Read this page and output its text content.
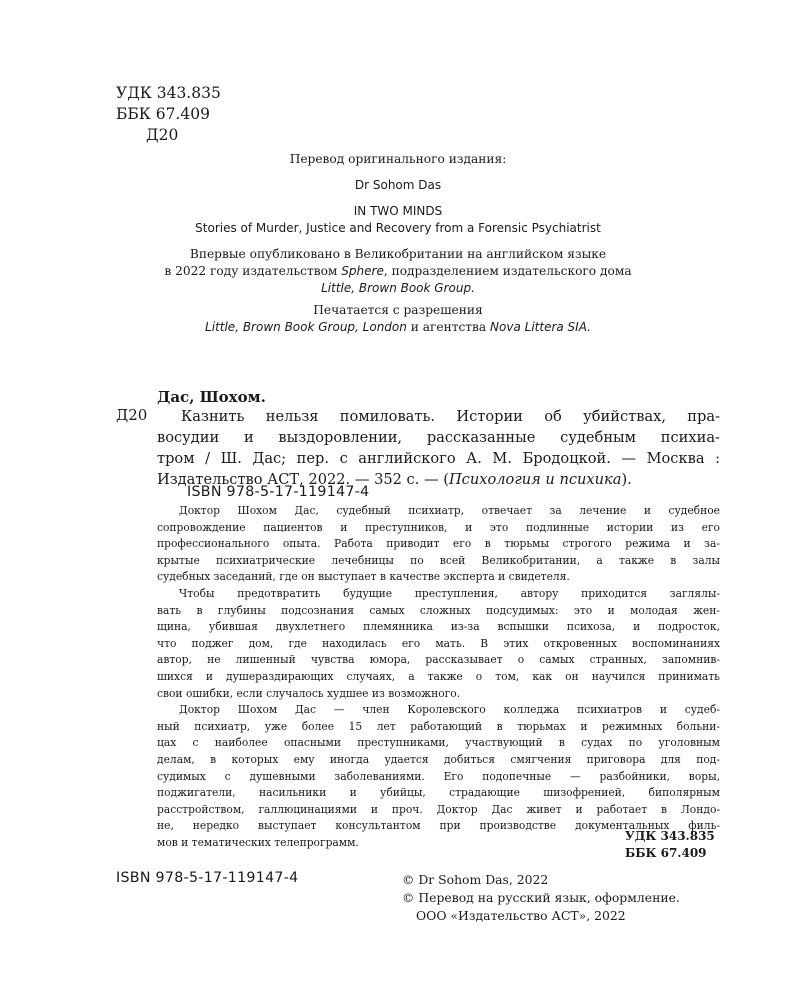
УДК 343.835
ББК 67.409
Д20
Перевод оригинального издания:
Dr Sohom Das
IN TWO MINDS
Stories of Murder, Justice and Recovery from a Forensic Psychiatrist
Впервые опубликовано в Великобритании на английском языке
в 2022 году издательством Sphere, подразделением издательского дома
Little, Brown Book Group.
Печатается с разрешения
Little, Brown Book Group, London и агентства Nova Littera SIA.
Дас, Шохом.
Д20	Казнить нельзя помиловать. Истории об убийствах, пра-
восудии и выздоровлении, рассказанные судебным психиа-
тром / Ш. Дас; пер. с английского А. М. Бродоцкой. — Москва :
Издательство АСТ, 2022. — 352 с. — (Психология и психика).
ISBN 978-5-17-119147-4
Доктор Шохом Дас, судебный психиатр, отвечает за лечение и судебное
сопровождение пациентов и преступников, и это подлинные истории из его
профессионального опыта. Работа приводит его в тюрьмы строгого режима и за-
крытые психиатрические лечебницы по всей Великобритании, а также в залы
судебных заседаний, где он выступает в качестве эксперта и свидетеля.
Чтобы предотвратить будущие преступления, автору приходится заглялы-
вать в глубины подсознания самых сложных подсудимых: это и молодая жен-
щина, убившая двухлетнего племянника из-за вспышки психоза, и подросток,
что поджег дом, где находилась его мать. В этих откровенных воспоминаниях
автор, не лишенный чувства юмора, рассказывает о самых странных, запомнив-
шихся и душераздирающих случаях, а также о том, как он научился принимать
свои ошибки, если случалось худшее из возможного.
Доктор Шохом Дас — член Королевского колледжа психиатров и судеб-
ный психиатр, уже более 15 лет работающий в тюрьмах и режимных больни-
цах с наиболее опасными преступниками, участвующий в судах по уголовным
делам, в которых ему иногда удается добиться смягчения приговора для под-
судимых с душевными заболеваниями. Его подопечные — разбойники, воры,
поджигатели, насильники и убийцы, страдающие шизофренией, биполярным
расстройством, галлюцинациями и проч. Доктор Дас живет и работает в Лондо-
не, нередко выступает консультантом при производстве документальных филь-
мов и тематических телепрограмм.	УДК 343.835
ББК 67.409
ISBN 978-5-17-119147-4	© Dr Sohom Das, 2022
© Перевод на русский язык, оформление.
ООО «Издательство АСТ», 2022
